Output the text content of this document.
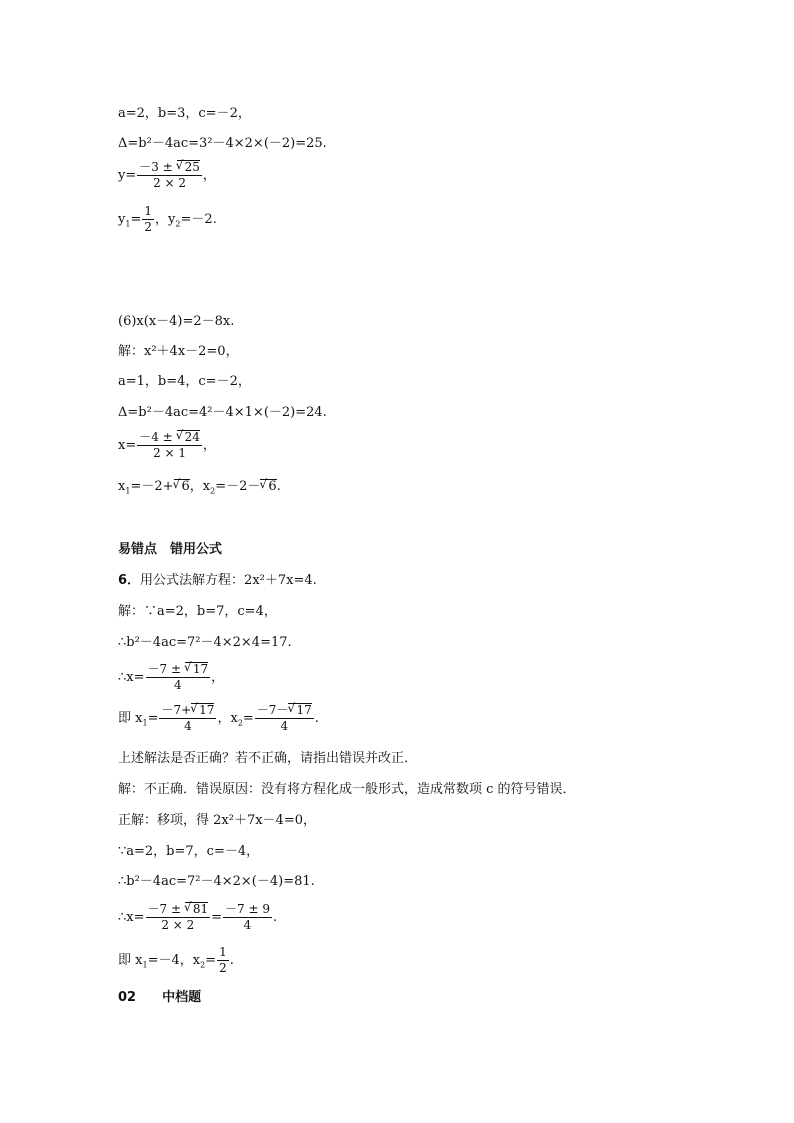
a=2，b=3，c=－2，
Δ=b²－4ac=3²－4×2×(－2)=25.
$y= \frac{-3 \pm √ 25}{2 \times 2}$ ，
$y_1= \frac{1}{2}$ ，$y_2=-2$.
(6)x(x－4)=2－8x.
解：x²＋4x－2=0，
a=1，b=4，c=－2，
Δ=b²－4ac=4²－4×1×(－2)=24.
$x= \frac{-4 \pm √ 24}{2 \times 1}$ ，
$x_1=-2+√$ 6，$x_2=-2-√$ 6.
易错点　错用公式
6．用公式法解方程：2x²＋7x=4.
解：∵a=2，b=7，c=4，
∴b²－4ac=7²－4×2×4=17.
∴x= $\frac{-7 \pm √ 17}{4}$ ，
即 $x_1= \frac{-7+√ 17}{4}$ ，$x_2= \frac{-7-√ 17}{4}$ .
上述解法是否正确？若不正确，请指出错误并改正．
解：不正确．错误原因：没有将方程化成一般形式，造成常数项 c 的符号错误．
正解：移项，得 2x²＋7x－4=0，
∵a=2，b=7，c=－4，
∴b²－4ac=7²－4×2×(－4)=81.
∴x= $\frac{-7 \pm √ 81}{2 \times 2} = \frac{-7 \pm 9}{4}$ .
即 $x_1=-4$，$x_2= \frac{1}{2}$ .
02 中档题
